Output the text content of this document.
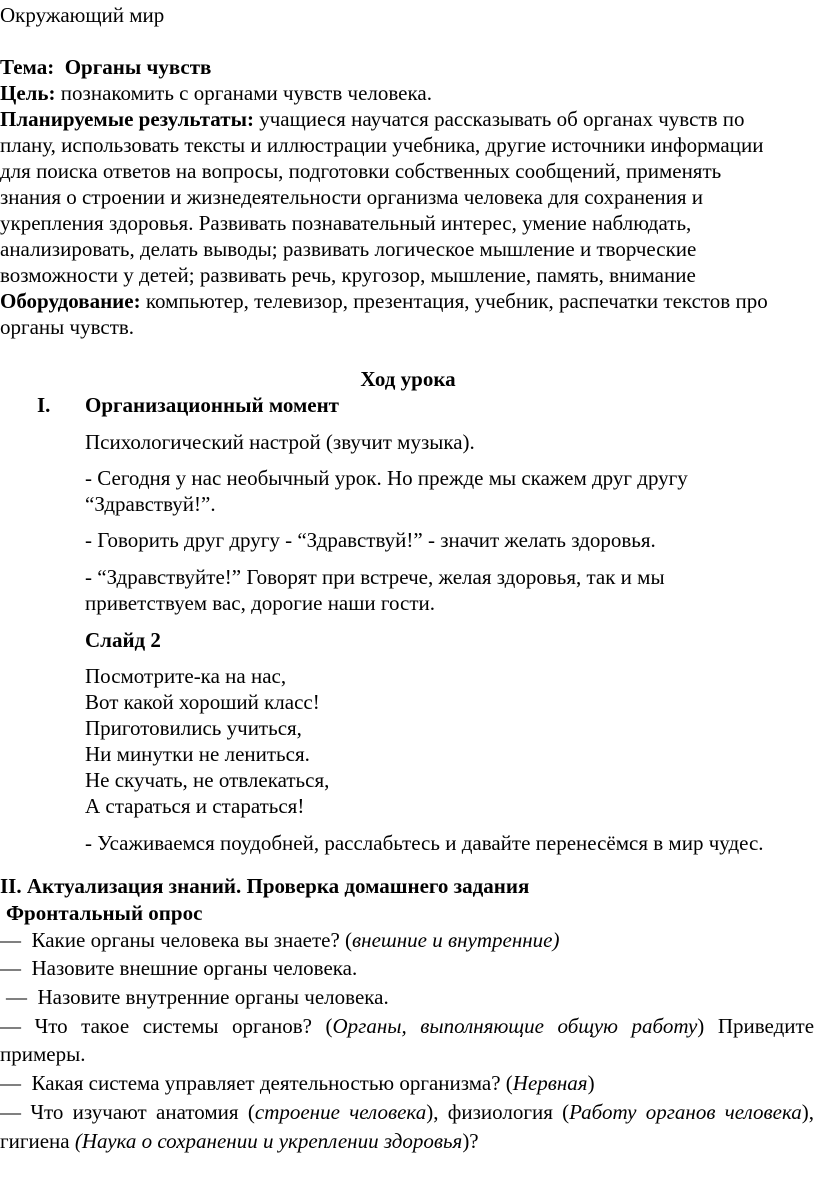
Окружающий мир
Тема: Органы чувств
Цель: познакомить с органами чувств человека.
Планируемые результаты: учащиеся научатся рассказывать об органах чувств по
плану, использовать тексты и иллюстрации учебника, другие источники информации
для поиска ответов на вопросы, подготовки собственных сообщений, применять
знания о строении и жизнедеятельности организма человека для сохранения и
укрепления здоровья. Развивать познавательный интерес, умение наблюдать,
анализировать, делать выводы; развивать логическое мышление и творческие
возможности у детей; развивать речь, кругозор, мышление, память, внимание
Оборудование: компьютер, телевизор, презентация, учебник, распечатки текстов про
органы чувств.
Ход урока
I. Организационный момент
Психологический настрой (звучит музыка).
- Сегодня у нас необычный урок. Но прежде мы скажем друг другу
“Здравствуй!”.
- Говорить друг другу - “Здравствуй!” - значит желать здоровья.
- “Здравствуйте!” Говорят при встрече, желая здоровья, так и мы
приветствуем вас, дорогие наши гости.
Слайд 2
Посмотрите-ка на нас,
Вот какой хороший класс!
Приготовились учиться,
Ни минутки не лениться.
Не скучать, не отвлекаться,
А стараться и стараться!
- Усаживаемся поудобней, расслабьтесь и давайте перенесёмся в мир чудес.
II. Актуализация знаний. Проверка домашнего задания
Фронтальный опрос
— Какие органы человека вы знаете? (внешние и внутренние)
— Назовите внешние органы человека.
— Назовите внутренние органы человека.
— Что такое системы органов? (Органы, выполняющие общую работу) Приведите
примеры.
— Какая система управляет деятельностью организма? (Нервная)
— Что изучают анатомия (строение человека), физиология (Работу органов человека),
гигиена (Наука о сохранении и укреплении здоровья)?
